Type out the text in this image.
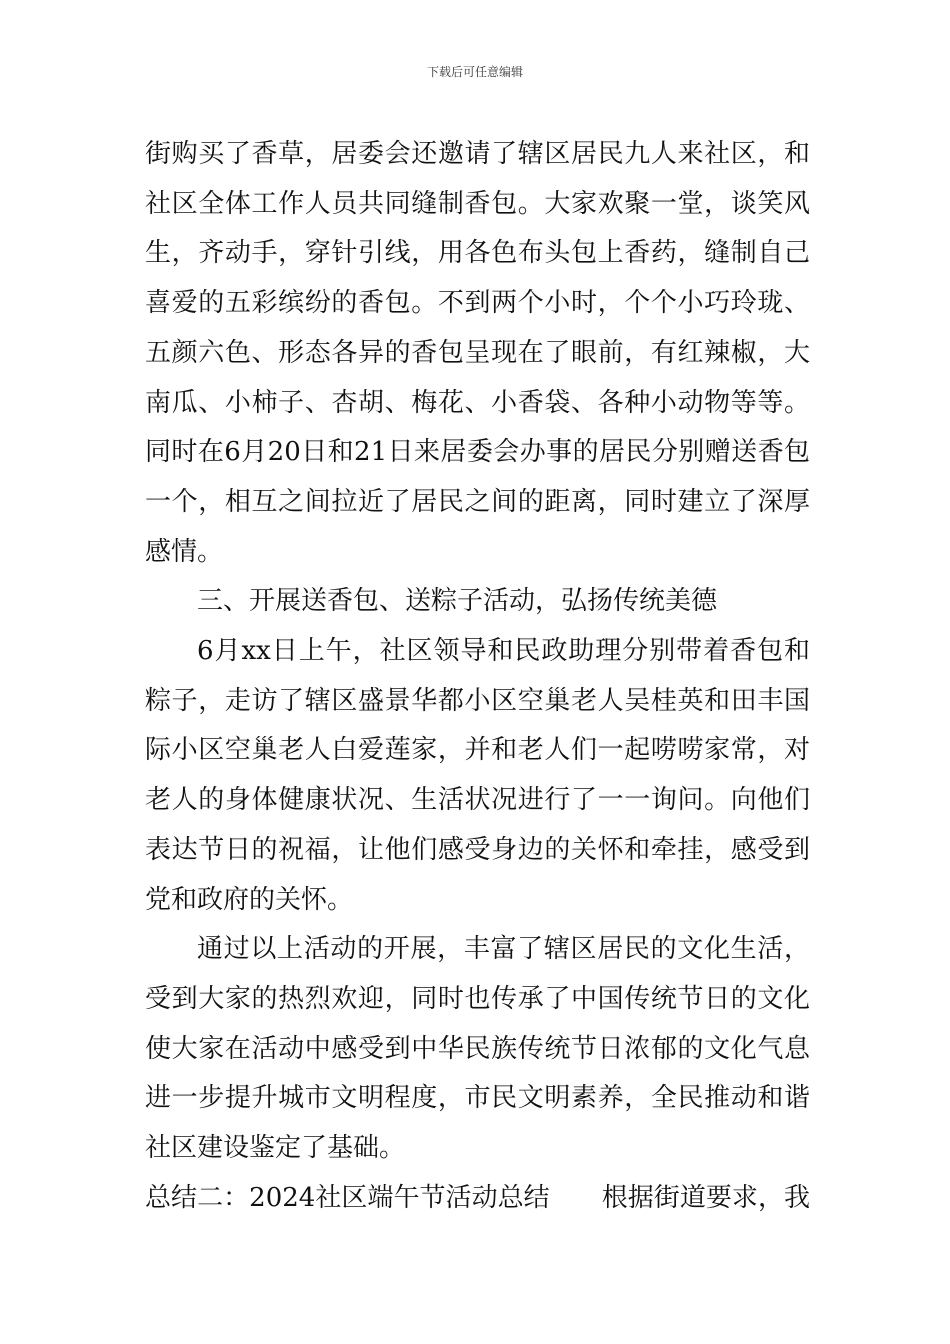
下载后可任意编辑

街购买了香草，居委会还邀请了辖区居民九人来社区，和社区全体工作人员共同缝制香包。大家欢聚一堂，谈笑风生，齐动手，穿针引线，用各色布头包上香药，缝制自己喜爱的五彩缤纷的香包。不到两个小时，个个小巧玲珑、五颜六色、形态各异的香包呈现在了眼前，有红辣椒，大南瓜、小柿子、杏胡、梅花、小香袋、各种小动物等等。同时在6月20日和21日来居委会办事的居民分别赠送香包一个，相互之间拉近了居民之间的距离，同时建立了深厚感情。

三、开展送香包、送粽子活动，弘扬传统美德

6月xx日上午，社区领导和民政助理分别带着香包和粽子，走访了辖区盛景华都小区空巢老人吴桂英和田丰国际小区空巢老人白爱莲家，并和老人们一起唠唠家常，对老人的身体健康状况、生活状况进行了一一询问。向他们表达节日的祝福，让他们感受身边的关怀和牵挂，感受到党和政府的关怀。

通过以上活动的开展，丰富了辖区居民的文化生活，受到大家的热烈欢迎，同时也传承了中国传统节日的文化使大家在活动中感受到中华民族传统节日浓郁的文化气息进一步提升城市文明程度，市民文明素养，全民推动和谐社区建设鉴定了基础。

总结二：2024社区端午节活动总结 根据街道要求，我
